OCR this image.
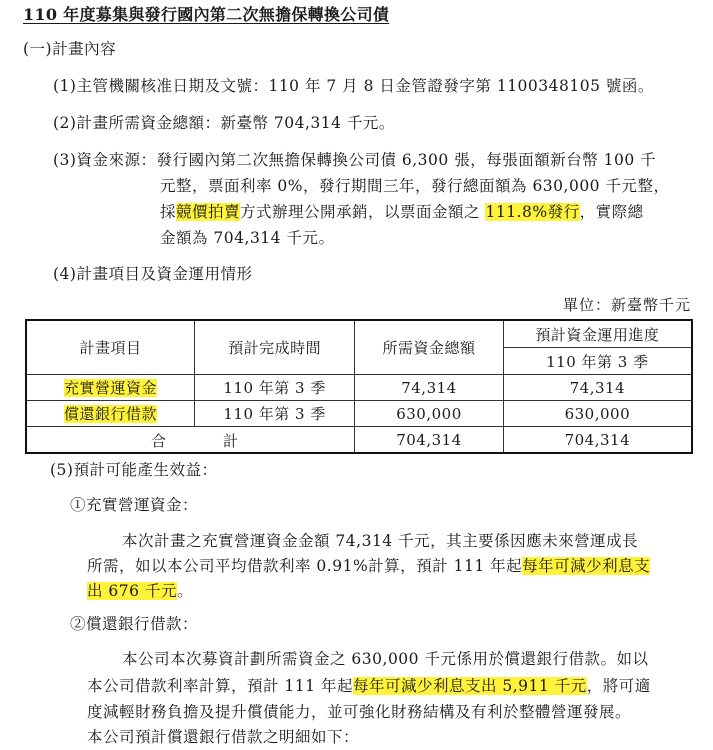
110 年度募集與發行國內第二次無擔保轉換公司債
(一)計畫內容
(1)主管機關核准日期及文號：110 年 7 月 8 日金管證發字第 1100348105 號函。
(2)計畫所需資金總額：新臺幣 704,314 千元。
(3)資金來源：發行國內第二次無擔保轉換公司債 6,300 張，每張面額新台幣 100 千
元整，票面利率 0%，發行期間三年，發行總面額為 630,000 千元整，
採競價拍賣方式辦理公開承銷，以票面金額之 111.8%發行，實際總
金額為 704,314 千元。
(4)計畫項目及資金運用情形
單位：新臺幣千元
計畫項目	預計完成時間	所需資金總額	預計資金運用進度
			110 年第 3 季
充實營運資金	110 年第 3 季	74,314	74,314
償還銀行借款	110 年第 3 季	630,000	630,000

合 計		704,314	704,314
(5)預計可能產生效益：
①充實營運資金：
本次計畫之充實營運資金金額 74,314 千元，其主要係因應未來營運成長
所需，如以本公司平均借款利率 0.91%計算，預計 111 年起每年可減少利息支
出 676 千元。
②償還銀行借款：
本公司本次募資計劃所需資金之 630,000 千元係用於償還銀行借款。如以
本公司借款利率計算，預計 111 年起每年可減少利息支出 5,911 千元，將可適
度減輕財務負擔及提升償債能力，並可強化財務結構及有利於整體營運發展。
本公司預計償還銀行借款之明細如下：
